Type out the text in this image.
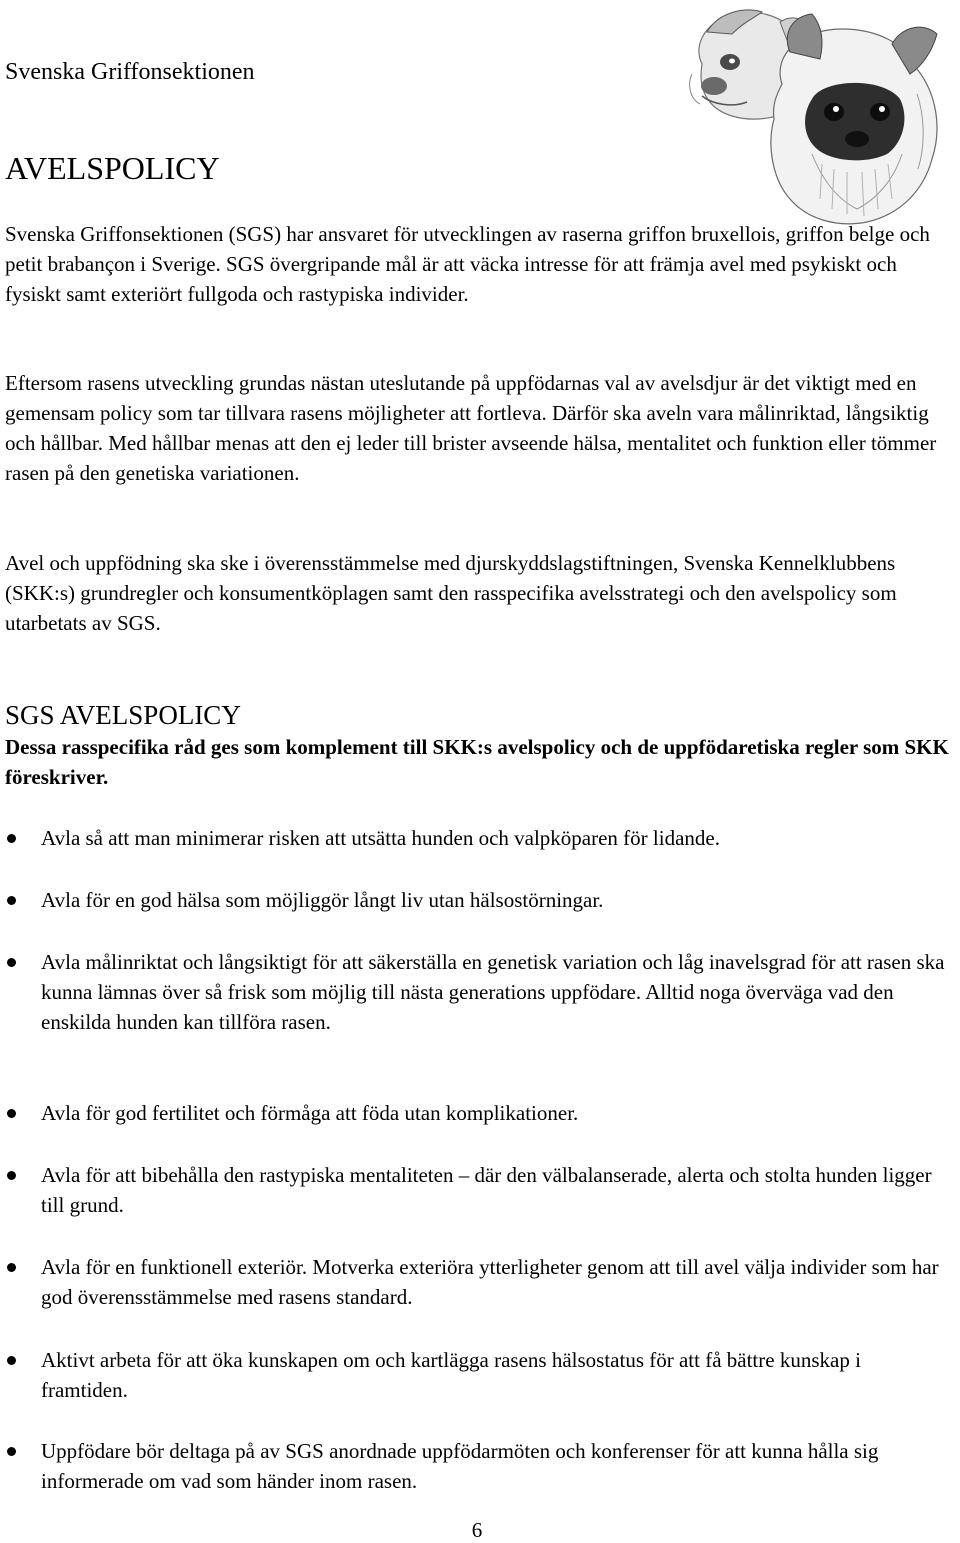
Svenska Griffonsektionen
AVELSPOLICY

Svenska Griffonsektionen (SGS) har ansvaret för utvecklingen av raserna griffon bruxellois, griffon belge och petit brabançon i Sverige. SGS övergripande mål är att väcka intresse för att främja avel med psykiskt och fysiskt samt exteriört fullgoda och rastypiska individer.

Eftersom rasens utveckling grundas nästan uteslutande på uppfödarnas val av avelsdjur är det viktigt med en gemensam policy som tar tillvara rasens möjligheter att fortleva. Därför ska aveln vara målinriktad, långsiktig och hållbar. Med hållbar menas att den ej leder till brister avseende hälsa, mentalitet och funktion eller tömmer rasen på den genetiska variationen.

Avel och uppfödning ska ske i överensstämmelse med djurskyddslagstiftningen, Svenska Kennelklubbens (SKK:s) grundregler och konsumentköplagen samt den rasspecifika avelsstrategi och den avelspolicy som utarbetats av SGS.

SGS AVELSPOLICY

Dessa rasspecifika råd ges som komplement till SKK:s avelspolicy och de uppfödaretiska regler som SKK föreskriver.

Avla så att man minimerar risken att utsätta hunden och valpköparen för lidande.
Avla för en god hälsa som möjliggör långt liv utan hälsostörningar.
Avla målinriktat och långsiktigt för att säkerställa en genetisk variation och låg inavelsgrad för att rasen ska kunna lämnas över så frisk som möjlig till nästa generations uppfödare. Alltid noga överväga vad den enskilda hunden kan tillföra rasen.
Avla för god fertilitet och förmåga att föda utan komplikationer.
Avla för att bibehålla den rastypiska mentaliteten – där den välbalanserade, alerta och stolta hunden ligger till grund.
Avla för en funktionell exteriör. Motverka exteriöra ytterligheter genom att till avel välja individer som har god överensstämmelse med rasens standard.
Aktivt arbeta för att öka kunskapen om och kartlägga rasens hälsostatus för att få bättre kunskap i framtiden.
Uppfödare bör deltaga på av SGS anordnade uppfödarmöten och konferenser för att kunna hålla sig informerade om vad som händer inom rasen.
6
